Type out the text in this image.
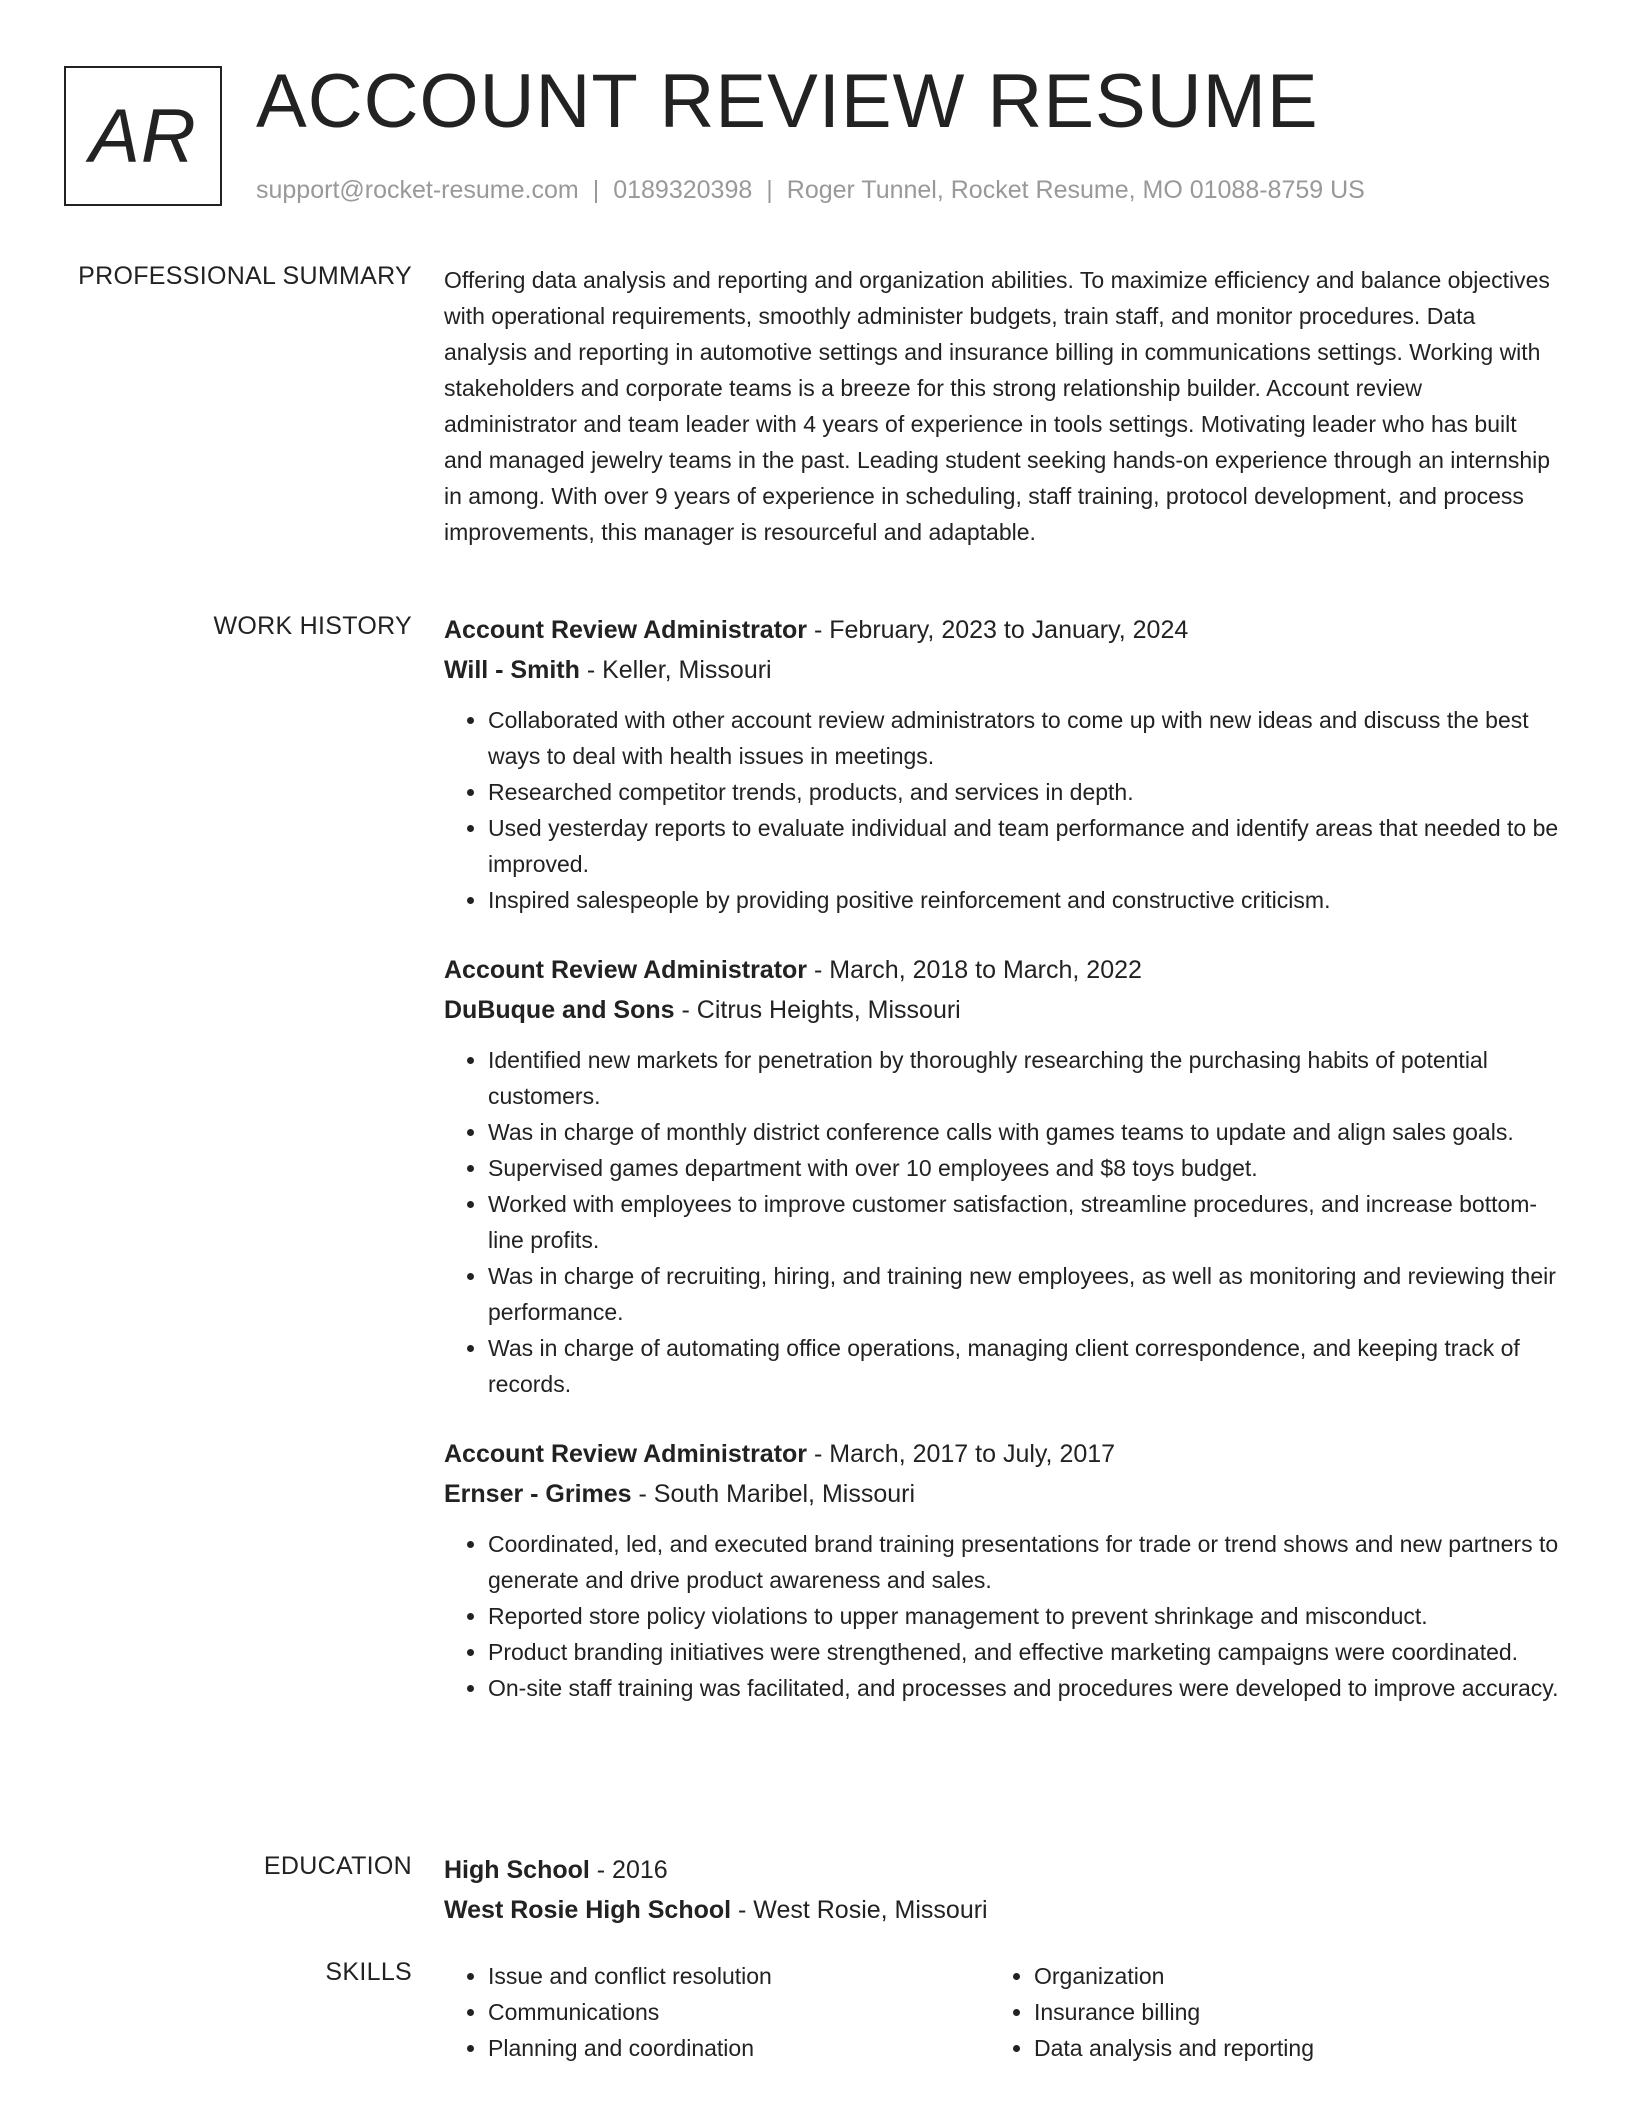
AR ACCOUNT REVIEW RESUME
support@rocket-resume.com | 0189320398 | Roger Tunnel, Rocket Resume, MO 01088-8759 US
PROFESSIONAL SUMMARY Offering data analysis and reporting and organization abilities. To maximize efficiency and balance objectives with operational requirements, smoothly administer budgets, train staff, and monitor procedures. Data analysis and reporting in automotive settings and insurance billing in communications settings. Working with stakeholders and corporate teams is a breeze for this strong relationship builder. Account review administrator and team leader with 4 years of experience in tools settings. Motivating leader who has built and managed jewelry teams in the past. Leading student seeking hands-on experience through an internship in among. With over 9 years of experience in scheduling, staff training, protocol development, and process improvements, this manager is resourceful and adaptable.

WORK HISTORY Account Review Administrator - February, 2023 to January, 2024
Will - Smith - Keller, Missouri
• Collaborated with other account review administrators to come up with new ideas and discuss the best ways to deal with health issues in meetings.
• Researched competitor trends, products, and services in depth.
• Used yesterday reports to evaluate individual and team performance and identify areas that needed to be improved.
• Inspired salespeople by providing positive reinforcement and constructive criticism.
Account Review Administrator - March, 2018 to March, 2022
DuBuque and Sons - Citrus Heights, Missouri
• Identified new markets for penetration by thoroughly researching the purchasing habits of potential customers.
• Was in charge of monthly district conference calls with games teams to update and align sales goals.
• Supervised games department with over 10 employees and $8 toys budget.
• Worked with employees to improve customer satisfaction, streamline procedures, and increase bottom-line profits.
• Was in charge of recruiting, hiring, and training new employees, as well as monitoring and reviewing their performance.
• Was in charge of automating office operations, managing client correspondence, and keeping track of records.
Account Review Administrator - March, 2017 to July, 2017
Ernser - Grimes - South Maribel, Missouri
• Coordinated, led, and executed brand training presentations for trade or trend shows and new partners to generate and drive product awareness and sales.
• Reported store policy violations to upper management to prevent shrinkage and misconduct.
• Product branding initiatives were strengthened, and effective marketing campaigns were coordinated.
• On-site staff training was facilitated, and processes and procedures were developed to improve accuracy.
EDUCATION High School - 2016
West Rosie High School - West Rosie, Missouri
SKILLS
•	Issue and conflict resolution
• Communications
• Planning and coordination
• Organization
• Insurance billing
• Data analysis and reporting
